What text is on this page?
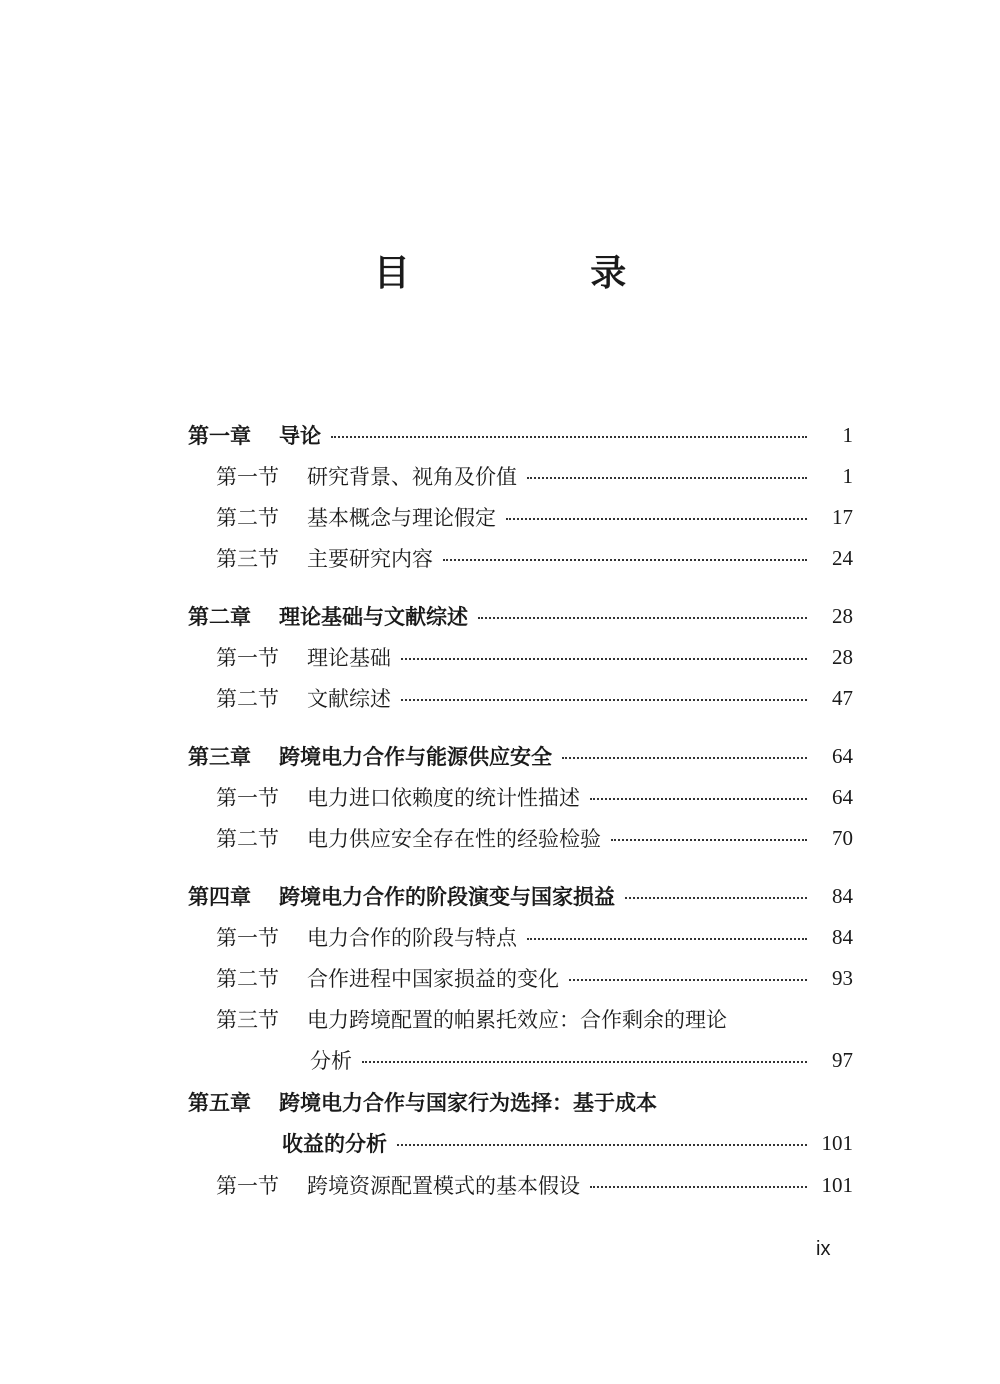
目 录
第一章 导论	1
第一节 研究背景、视角及价值	1
第二节 基本概念与理论假定	17
第三节 主要研究内容	24
第二章 理论基础与文献综述	28
第一节 理论基础	28
第二节 文献综述	47
第三章 跨境电力合作与能源供应安全	64
第一节 电力进口依赖度的统计性描述	64
第二节 电力供应安全存在性的经验检验	70
第四章 跨境电力合作的阶段演变与国家损益	84
第一节 电力合作的阶段与特点	84
第二节 合作进程中国家损益的变化	93
第三节 电力跨境配置的帕累托效应：合作剩余的理论
分析	97
第五章 跨境电力合作与国家行为选择：基于成本
收益的分析	101
第一节 跨境资源配置模式的基本假设	101
ix
